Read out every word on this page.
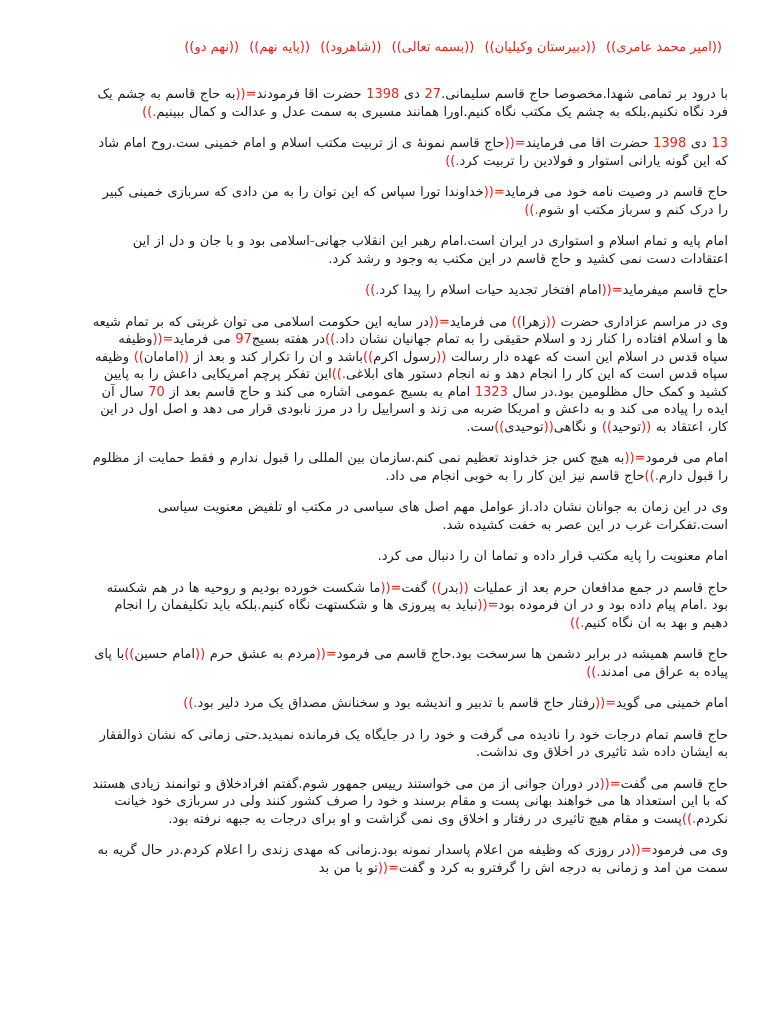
((امیر محمد عامری)) ((دبیرستان وکیلیان)) ((بسمه تعالی)) ((شاهرود)) ((پایه نهم)) ((نهم دو))

با درود بر تمامی شهدا.مخصوصا حاج قاسم سلیمانی.27 دی 1398 حضرت اقا فرمودند=((به حاج قاسم به چشم یک فرد نگاه نکنیم.بلکه به چشم یک مکتب نگاه کنیم.اورا همانند مسیری به سمت عدل و عدالت و کمال ببینیم.))

13 دی 1398 حضرت اقا می فرمایند=((حاج قاسم نمونهٔ ی از تربیت مکتب اسلام و امام خمینی ست.روح امام شاد که این گونه یارانی استوار و فولادین را تربیت کرد.))

حاج قاسم در وصیت نامه خود می فرماید=((خداوندا تورا سپاس که این توان را به من دادی که سربازی خمینی کبیر را درک کنم و سرباز مکتب او شوم.))

امام پایه و تمام اسلام و استواری در ایران است.امام رهبر این انقلاب جهانی-اسلامی بود و با جان و دل از این اعتقادات دست نمی کشید و حاج قاسم در این مکتب به وجود و رشد کرد.

حاج قاسم میفرماید=((امام افتخار تجدید حیات اسلام را پیدا کرد.))

وی در مراسم عزاداری حضرت ((زهرا)) می فرماید=((در سایه این حکومت اسلامی می توان غربتی که بر تمام شیعه ها و اسلام افتاده را کنار زد و اسلام حقیقی را به تمام جهانیان نشان داد.))در هفته بسیج97 می فرماید=((وظیفه سپاه قدس در اسلام این است که عهده دار رسالت ((رسول اکرم))باشد و ان را تکرار کند و بعد از ((امامان)) وظیفه سپاه قدس است که این کار را انجام دهد و نه انجام دستور های ابلاغی.))این تفکر پرچم امریکایی داعش را به پایین کشید و کمک حال مظلومین بود.در سال 1323 امام به بسیج عمومی اشاره می کند و حاج قاسم بعد از 70 سال آن ایده را پیاده می کند و به داعش و امریکا ضربه می زند و اسراییل را در مرز نابودی قرار می دهد و اصل اول در این کار، اعتقاد به ((توحید)) و نگاهی((توحیدی))ست.

امام می فرمود=((به هیچ کس جز خداوند تعظیم نمی کنم.سازمان بین المللی را قبول ندارم و فقط حمایت از مظلوم را قبول دارم.))حاج قاسم نیز این کار را به خوبی انجام می داد.

وی در این زمان به جوانان نشان داد.از عوامل مهم اصل های سیاسی در مکتب او تلفیض معنویت سیاسی است.تفکرات غرب در این عصر به خفت کشیده شد.

امام معنویت را پایه مکتب قرار داده و تماما ان را دنبال می کرد.

حاج قاسم در جمع مدافعان حرم بعد از عملیات ((بدر)) گفت=((ما شکست خورده بودیم و روحیه ها در هم شکسته بود .امام پیام داده بود و در ان فرموده بود=((نباید به پیروزی ها و شکستهت نگاه کنیم.بلکه باید تکلیفمان را انجام دهیم و بهد به ان نگاه کنیم.))

حاج قاسم همیشه در برابر دشمن ها سرسخت بود.حاج قاسم می فرمود=((مردم به عشق حرم ((امام حسین))با پای پیاده به عراق می امدند.))

امام خمینی می گوید=((رفتار حاج قاسم با تدبیر و اندیشه بود و سخنانش مصداق یک مرد دلیر بود.))

حاج قاسم تمام درجات خود را نادیده می گرفت و خود را در جایگاه یک فرمانده نمیدید.حتی زمانی که نشان ذوالفقار به ایشان داده شد تاثیری در اخلاق وی نداشت.

حاج قاسم می گفت=((در دوران جوانی از من می خواستند رییس جمهور شوم.گفتم افرادخلاق و توانمند زیادی هستند که با این استعداد ها می خواهند بهانی پست و مقام برسند و خود را صرف کشور کنند ولی در سربازی خود خیانت نکردم.))پست و مقام هیچ تاثیری در رفتار و اخلاق وی نمی گزاشت و او برای درجات به جبهه نرفته بود.

وی می فرمود=((در روزی که وظیفه من اعلام پاسدار نمونه بود.زمانی که مهدی زندی را اعلام کردم.در حال گریه به سمت من امد و زمانی به درجه اش را گرفترو به کرد و گفت=((تو با من بد
